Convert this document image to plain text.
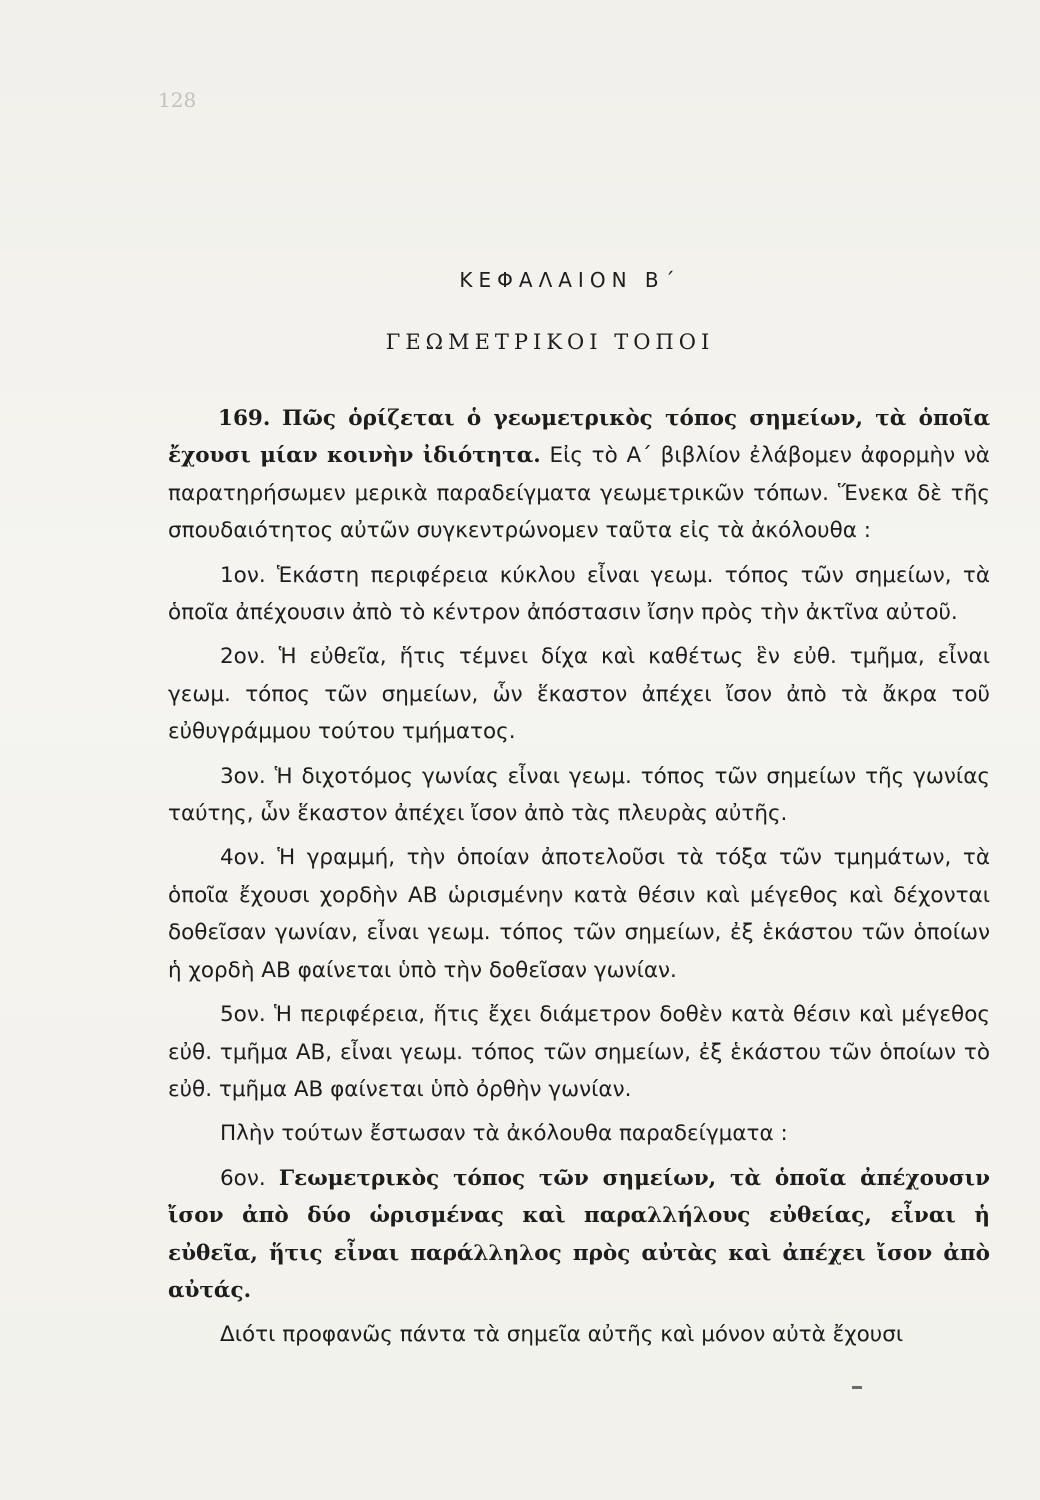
128
ΚΕΦΑΛΑΙΟΝ Β΄
ΓΕΩΜΕΤΡΙΚΟΙ ΤΟΠΟΙ

169. Πῶς ὁρίζεται ὁ γεωμετρικὸς τόπος σημείων, τὰ ὁποῖα ἔχουσι μίαν κοινὴν ἰδιότητα. Εἰς τὸ Α΄ βιβλίον ἐλάβομεν ἀφορμὴν νὰ παρατηρήσωμεν μερικὰ παραδείγματα γεωμετρικῶν τόπων. Ἕνεκα δὲ τῆς σπουδαιότητος αὐτῶν συγκεντρώνομεν ταῦτα εἰς τὰ ἀκόλουθα :

1ον. Ἑκάστη περιφέρεια κύκλου εἶναι γεωμ. τόπος τῶν σημείων, τὰ ὁποῖα ἀπέχουσιν ἀπὸ τὸ κέντρον ἀπόστασιν ἴσην πρὸς τὴν ἀκτῖνα αὐτοῦ.

2ον. Ἡ εὐθεῖα, ἥτις τέμνει δίχα καὶ καθέτως ἓν εὐθ. τμῆμα, εἶναι γεωμ. τόπος τῶν σημείων, ὧν ἕκαστον ἀπέχει ἴσον ἀπὸ τὰ ἄκρα τοῦ εὐθυγράμμου τούτου τμήματος.

3ον. Ἡ διχοτόμος γωνίας εἶναι γεωμ. τόπος τῶν σημείων τῆς γωνίας ταύτης, ὧν ἕκαστον ἀπέχει ἴσον ἀπὸ τὰς πλευρὰς αὐτῆς.

4ον. Ἡ γραμμή, τὴν ὁποίαν ἀποτελοῦσι τὰ τόξα τῶν τμημάτων, τὰ ὁποῖα ἔχουσι χορδὴν ΑΒ ὡρισμένην κατὰ θέσιν καὶ μέγεθος καὶ δέχονται δοθεῖσαν γωνίαν, εἶναι γεωμ. τόπος τῶν σημείων, ἐξ ἑκάστου τῶν ὁποίων ἡ χορδὴ ΑΒ φαίνεται ὑπὸ τὴν δοθεῖσαν γωνίαν.

5ον. Ἡ περιφέρεια, ἥτις ἔχει διάμετρον δοθὲν κατὰ θέσιν καὶ μέγεθος εὐθ. τμῆμα ΑΒ, εἶναι γεωμ. τόπος τῶν σημείων, ἐξ ἑκάστου τῶν ὁποίων τὸ εὐθ. τμῆμα ΑΒ φαίνεται ὑπὸ ὀρθὴν γωνίαν.

Πλὴν τούτων ἔστωσαν τὰ ἀκόλουθα παραδείγματα :

6ον. Γεωμετρικὸς τόπος τῶν σημείων, τὰ ὁποῖα ἀπέχουσιν ἴσον ἀπὸ δύο ὡρισμένας καὶ παραλλήλους εὐθείας, εἶναι ἡ εὐθεῖα, ἥτις εἶναι παράλληλος πρὸς αὐτὰς καὶ ἀπέχει ἴσον ἀπὸ αὐτάς.

Διότι προφανῶς πάντα τὰ σημεῖα αὐτῆς καὶ μόνον αὐτὰ ἔχουσι
